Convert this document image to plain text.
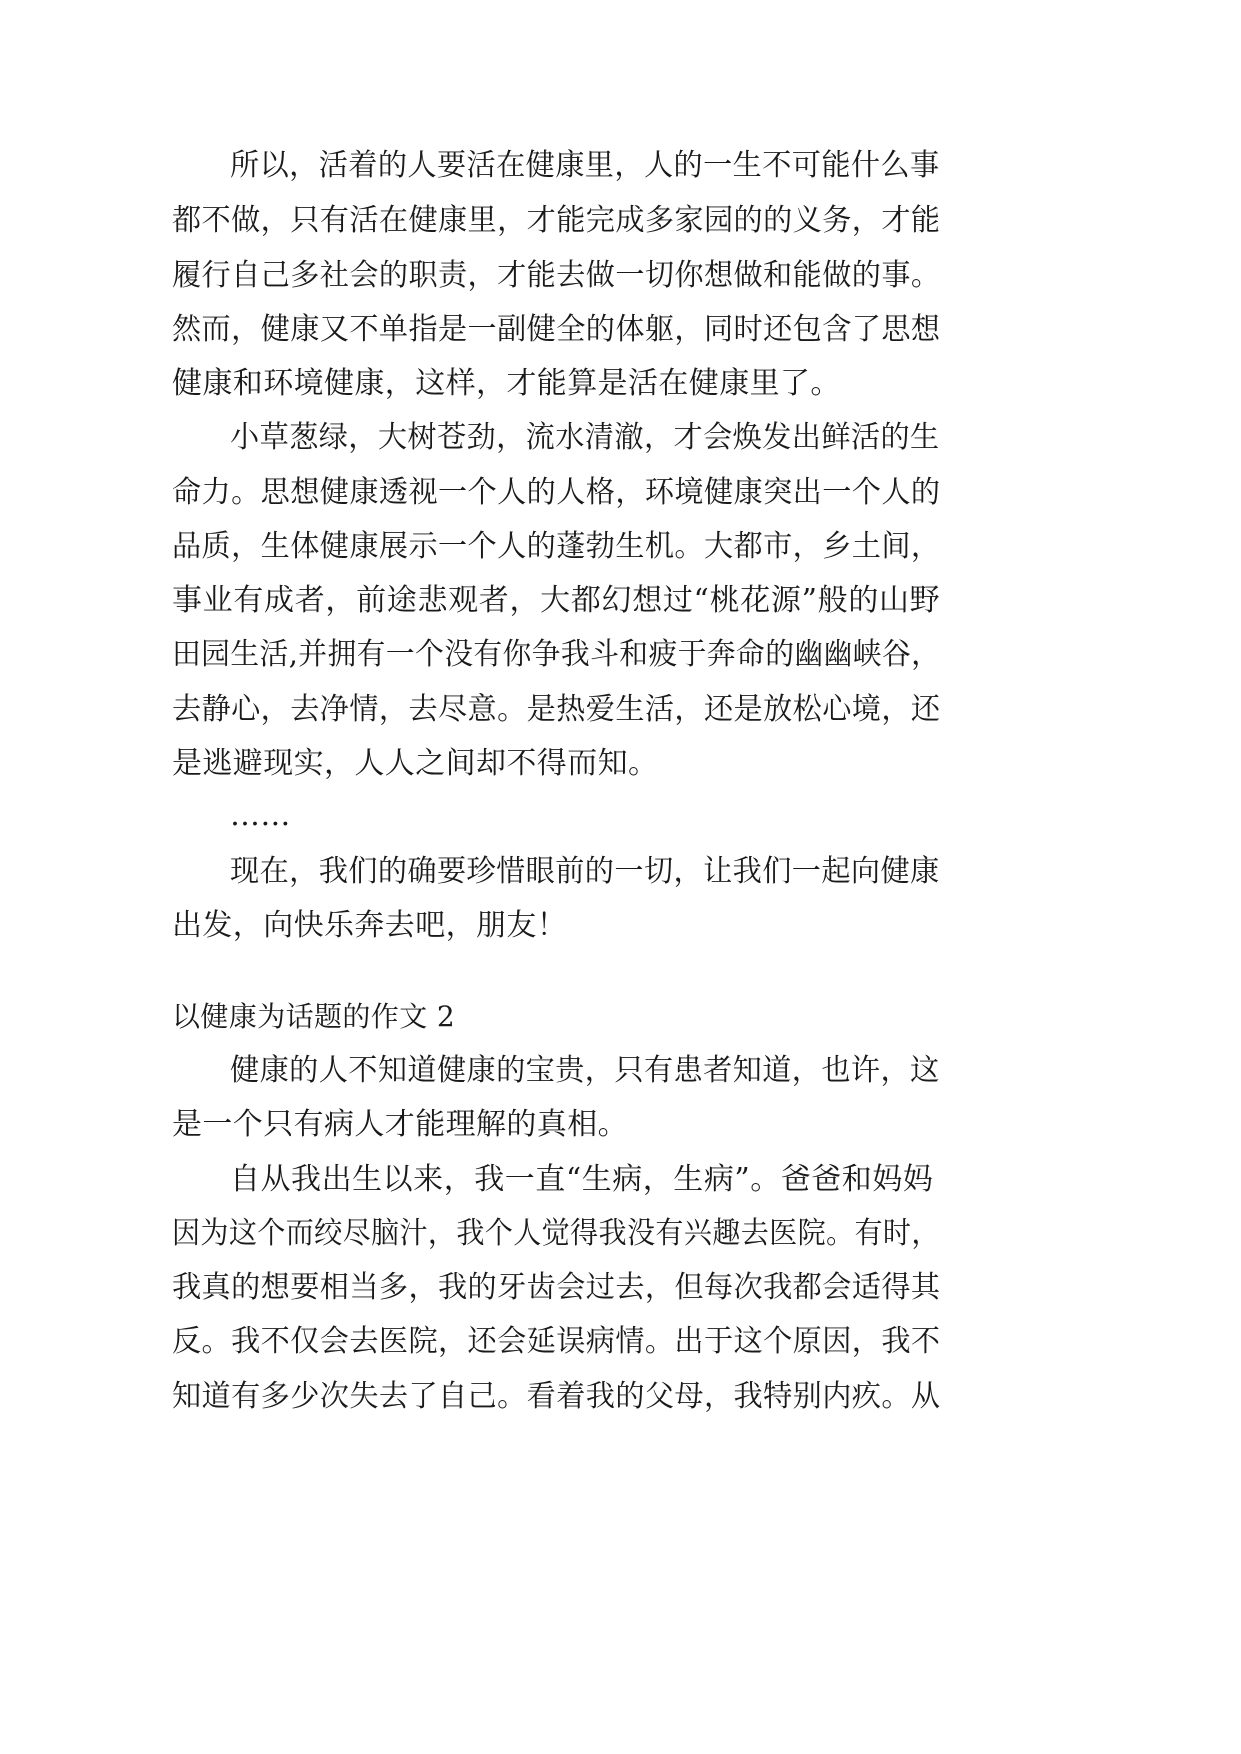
所以，活着的人要活在健康里，人的一生不可能什么事

都不做，只有活在健康里，才能完成多家园的的义务，才能

履行自己多社会的职责，才能去做一切你想做和能做的事。

然而，健康又不单指是一副健全的体躯，同时还包含了思想

健康和环境健康，这样，才能算是活在健康里了。

小草葱绿，大树苍劲，流水清澈，才会焕发出鲜活的生

命力。思想健康透视一个人的人格，环境健康突出一个人的

品质，生体健康展示一个人的蓬勃生机。大都市，乡土间，

事业有成者，前途悲观者，大都幻想过“桃花源”般的山野

田园生活,并拥有一个没有你争我斗和疲于奔命的幽幽峡谷，

去静心，去净情，去尽意。是热爱生活，还是放松心境，还

是逃避现实，人人之间却不得而知。

……

现在，我们的确要珍惜眼前的一切，让我们一起向健康

出发，向快乐奔去吧，朋友！

以健康为话题的作文 2

健康的人不知道健康的宝贵，只有患者知道，也许，这

是一个只有病人才能理解的真相。

自从我出生以来，我一直“生病，生病”。爸爸和妈妈

因为这个而绞尽脑汁，我个人觉得我没有兴趣去医院。有时，

我真的想要相当多，我的牙齿会过去，但每次我都会适得其

反。我不仅会去医院，还会延误病情。出于这个原因，我不

知道有多少次失去了自己。看着我的父母，我特别内疚。从
